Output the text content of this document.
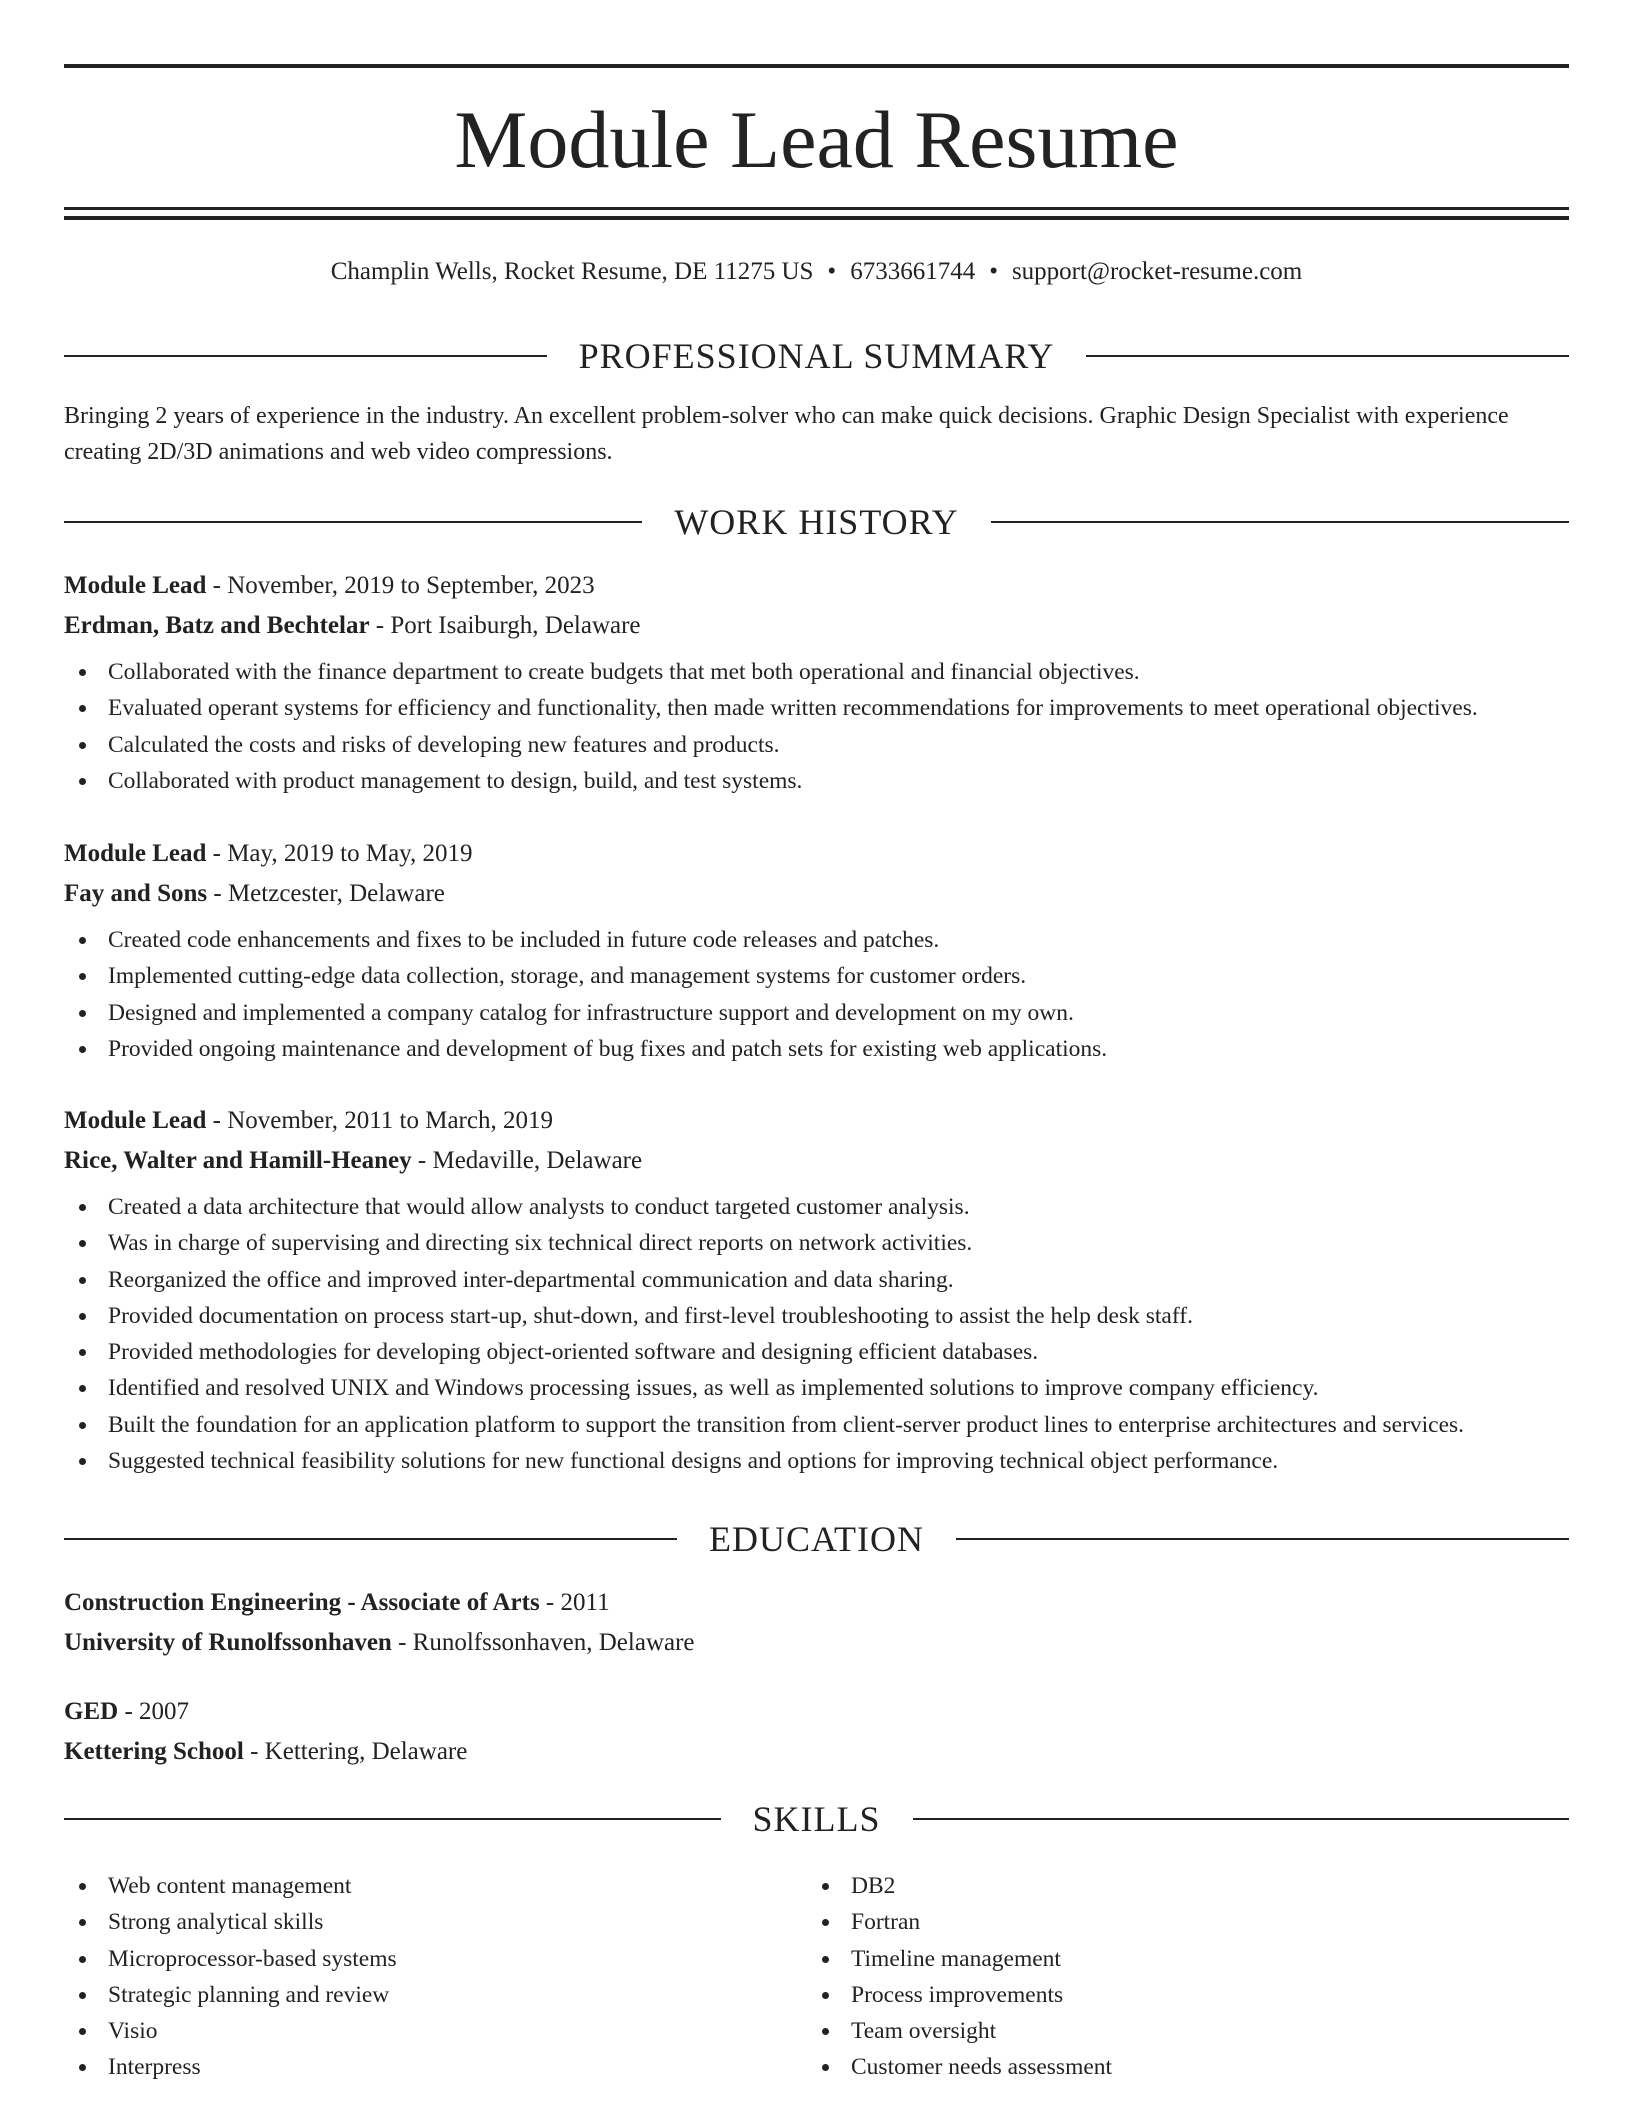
Module Lead Resume
Champlin Wells, Rocket Resume, DE 11275 US • 6733661744 • support@rocket-resume.com
PROFESSIONAL SUMMARY

Bringing 2 years of experience in the industry. An excellent problem-solver who can make quick decisions. Graphic Design Specialist with experience creating 2D/3D animations and web video compressions.

WORK HISTORY
Module Lead - November, 2019 to September, 2023
Erdman, Batz and Bechtelar - Port Isaiburgh, Delaware
Collaborated with the finance department to create budgets that met both operational and financial objectives.
Evaluated operant systems for efficiency and functionality, then made written recommendations for improvements to meet operational objectives.
Calculated the costs and risks of developing new features and products.
Collaborated with product management to design, build, and test systems.
Module Lead - May, 2019 to May, 2019
Fay and Sons - Metzcester, Delaware
Created code enhancements and fixes to be included in future code releases and patches.
Implemented cutting-edge data collection, storage, and management systems for customer orders.
Designed and implemented a company catalog for infrastructure support and development on my own.
Provided ongoing maintenance and development of bug fixes and patch sets for existing web applications.
Module Lead - November, 2011 to March, 2019
Rice, Walter and Hamill-Heaney - Medaville, Delaware
Created a data architecture that would allow analysts to conduct targeted customer analysis.
Was in charge of supervising and directing six technical direct reports on network activities.
Reorganized the office and improved inter-departmental communication and data sharing.
Provided documentation on process start-up, shut-down, and first-level troubleshooting to assist the help desk staff.
Provided methodologies for developing object-oriented software and designing efficient databases.
Identified and resolved UNIX and Windows processing issues, as well as implemented solutions to improve company efficiency.
Built the foundation for an application platform to support the transition from client-server product lines to enterprise architectures and services.
Suggested technical feasibility solutions for new functional designs and options for improving technical object performance.
EDUCATION
Construction Engineering - Associate of Arts - 2011
University of Runolfssonhaven - Runolfssonhaven, Delaware
GED - 2007
Kettering School - Kettering, Delaware
SKILLS
Web content management
Strong analytical skills
Microprocessor-based systems
Strategic planning and review
Visio
Interpress
DB2
Fortran
Timeline management
Process improvements
Team oversight
Customer needs assessment
